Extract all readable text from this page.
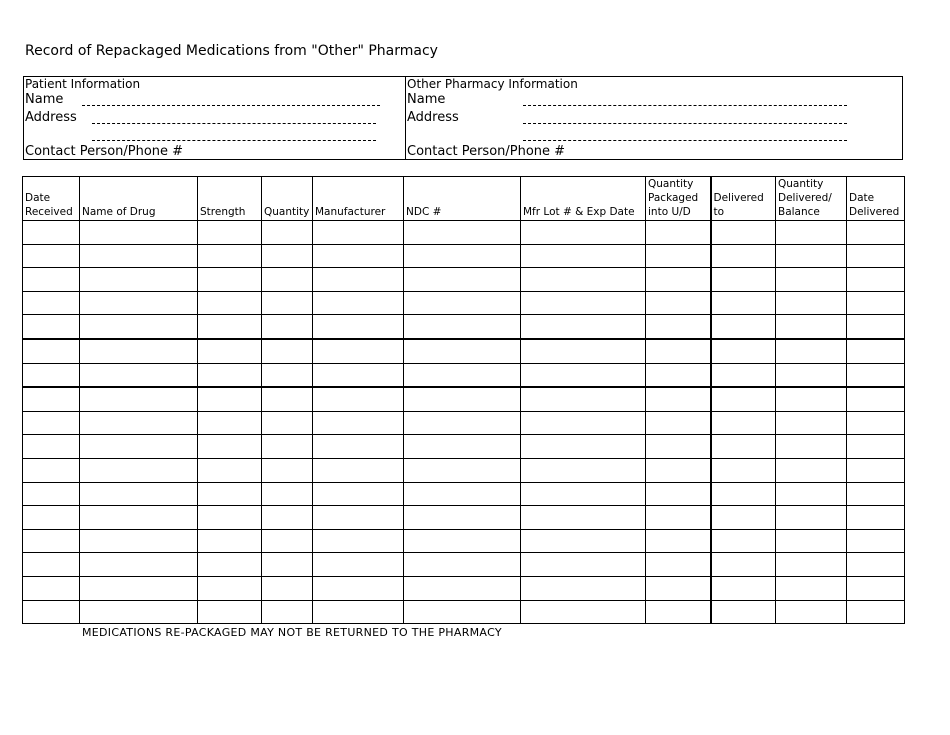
Record of Repackaged Medications from "Other" Pharmacy
Patient Information
Name
Address
Contact Person/Phone #
Other Pharmacy Information
Name
Address
Contact Person/Phone #
Date Received	Name of Drug	Strength	Quantity	Manufacturer	NDC #	Mfr Lot # & Exp Date	Quantity Packaged into U/D	Delivered to	Quantity Delivered/ Balance	Date Delivered

MEDICATIONS RE-PACKAGED MAY NOT BE RETURNED TO THE PHARMACY
